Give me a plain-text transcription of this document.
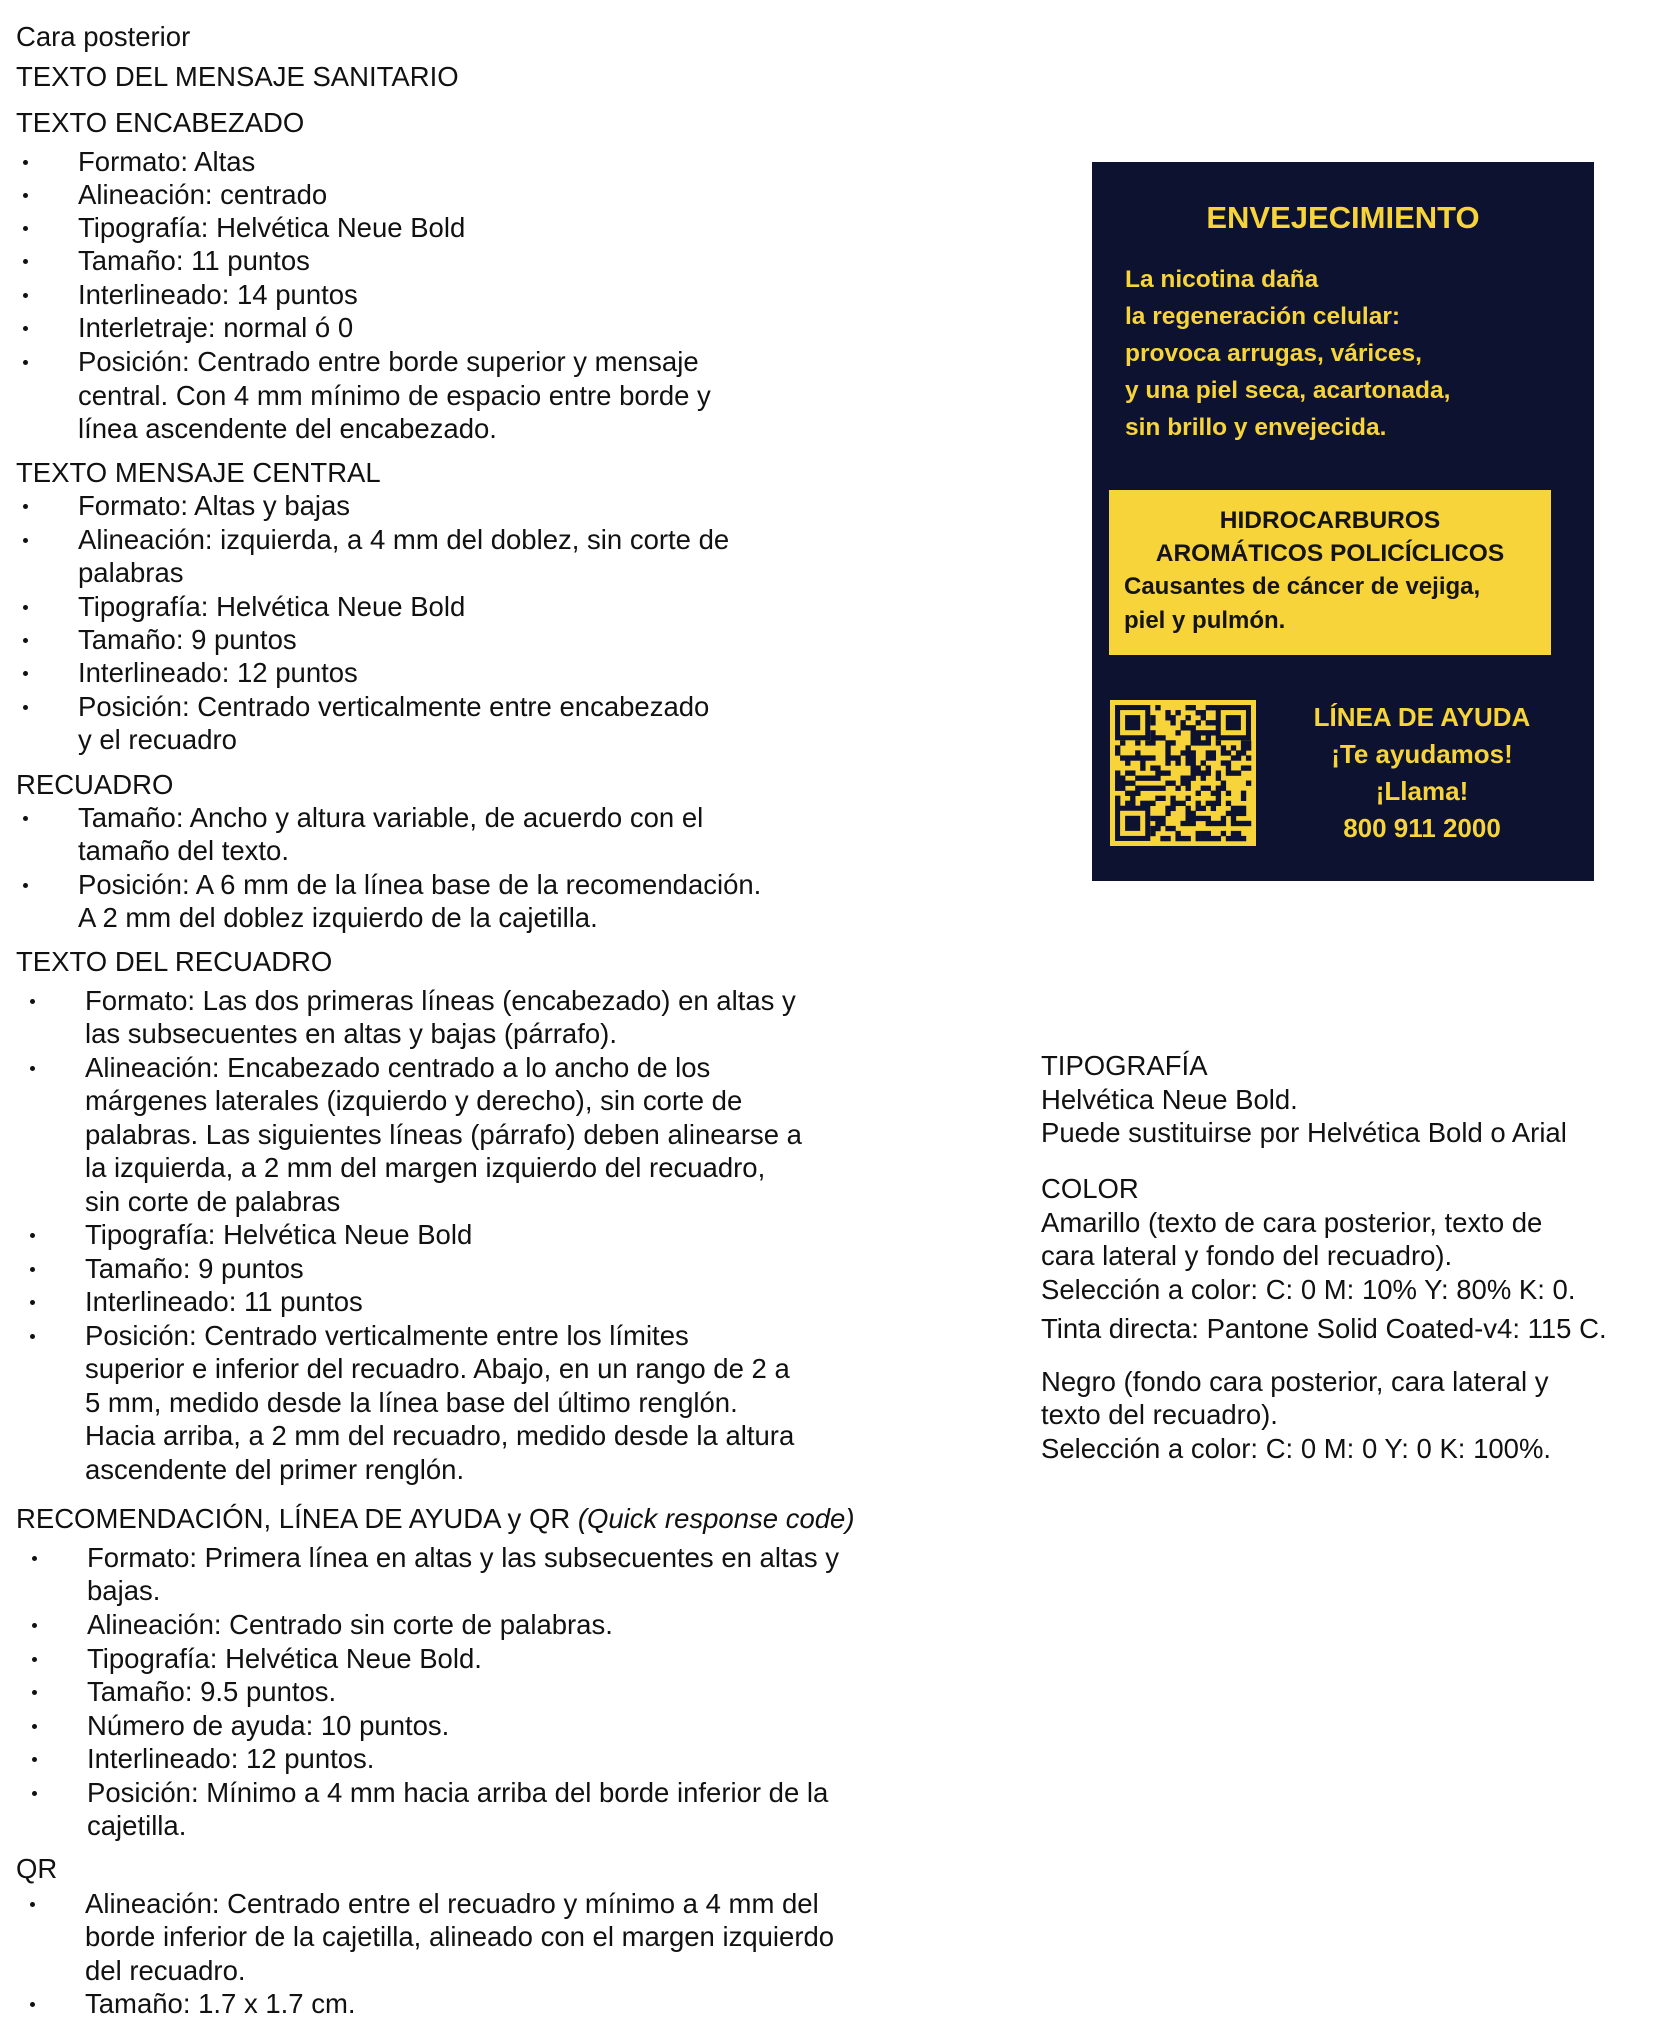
Cara posterior
TEXTO DEL MENSAJE SANITARIO
TEXTO ENCABEZADO
Formato: Altas
Alineación: centrado
Tipografía: Helvética Neue Bold
Tamaño: 11 puntos
Interlineado: 14 puntos
Interletraje: normal ó 0
Posición: Centrado entre borde superior y mensaje
central. Con 4 mm mínimo de espacio entre borde y
línea ascendente del encabezado.
TEXTO MENSAJE CENTRAL
Formato: Altas y bajas
Alineación: izquierda, a 4 mm del doblez, sin corte de
palabras
Tipografía: Helvética Neue Bold
Tamaño: 9 puntos
Interlineado: 12 puntos
Posición: Centrado verticalmente entre encabezado
y el recuadro
RECUADRO
Tamaño: Ancho y altura variable, de acuerdo con el
tamaño del texto.
Posición: A 6 mm de la línea base de la recomendación.
A 2 mm del doblez izquierdo de la cajetilla.
TEXTO DEL RECUADRO
Formato: Las dos primeras líneas (encabezado) en altas y
las subsecuentes en altas y bajas (párrafo).
Alineación: Encabezado centrado a lo ancho de los
márgenes laterales (izquierdo y derecho), sin corte de
palabras. Las siguientes líneas (párrafo) deben alinearse a
la izquierda, a 2 mm del margen izquierdo del recuadro,
sin corte de palabras
Tipografía: Helvética Neue Bold
Tamaño: 9 puntos
Interlineado: 11 puntos
Posición: Centrado verticalmente entre los límites
superior e inferior del recuadro. Abajo, en un rango de 2 a
5 mm, medido desde la línea base del último renglón.
Hacia arriba, a 2 mm del recuadro, medido desde la altura
ascendente del primer renglón.
RECOMENDACIÓN, LÍNEA DE AYUDA y QR (Quick response code)
Formato: Primera línea en altas y las subsecuentes en altas y
bajas.
Alineación: Centrado sin corte de palabras.
Tipografía: Helvética Neue Bold.
Tamaño: 9.5 puntos.
Número de ayuda: 10 puntos.
Interlineado: 12 puntos.
Posición: Mínimo a 4 mm hacia arriba del borde inferior de la
cajetilla.
QR
Alineación: Centrado entre el recuadro y mínimo a 4 mm del
borde inferior de la cajetilla, alineado con el margen izquierdo
del recuadro.
Tamaño: 1.7 x 1.7 cm.
ENVEJECIMIENTO
La nicotina daña
la regeneración celular:
provoca arrugas, várices,
y una piel seca, acartonada,
sin brillo y envejecida.
HIDROCARBUROS
AROMÁTICOS POLICÍCLICOS
Causantes de cáncer de vejiga,
piel y pulmón.
LÍNEA DE AYUDA
¡Te ayudamos!
¡Llama!
800 911 2000
TIPOGRAFÍA
Helvética Neue Bold.
Puede sustituirse por Helvética Bold o Arial
COLOR
Amarillo (texto de cara posterior, texto de
cara lateral y fondo del recuadro).
Selección a color: C: 0 M: 10% Y: 80% K: 0.
Tinta directa: Pantone Solid Coated-v4: 115 C.
Negro (fondo cara posterior, cara lateral y
texto del recuadro).
Selección a color: C: 0 M: 0 Y: 0 K: 100%.
